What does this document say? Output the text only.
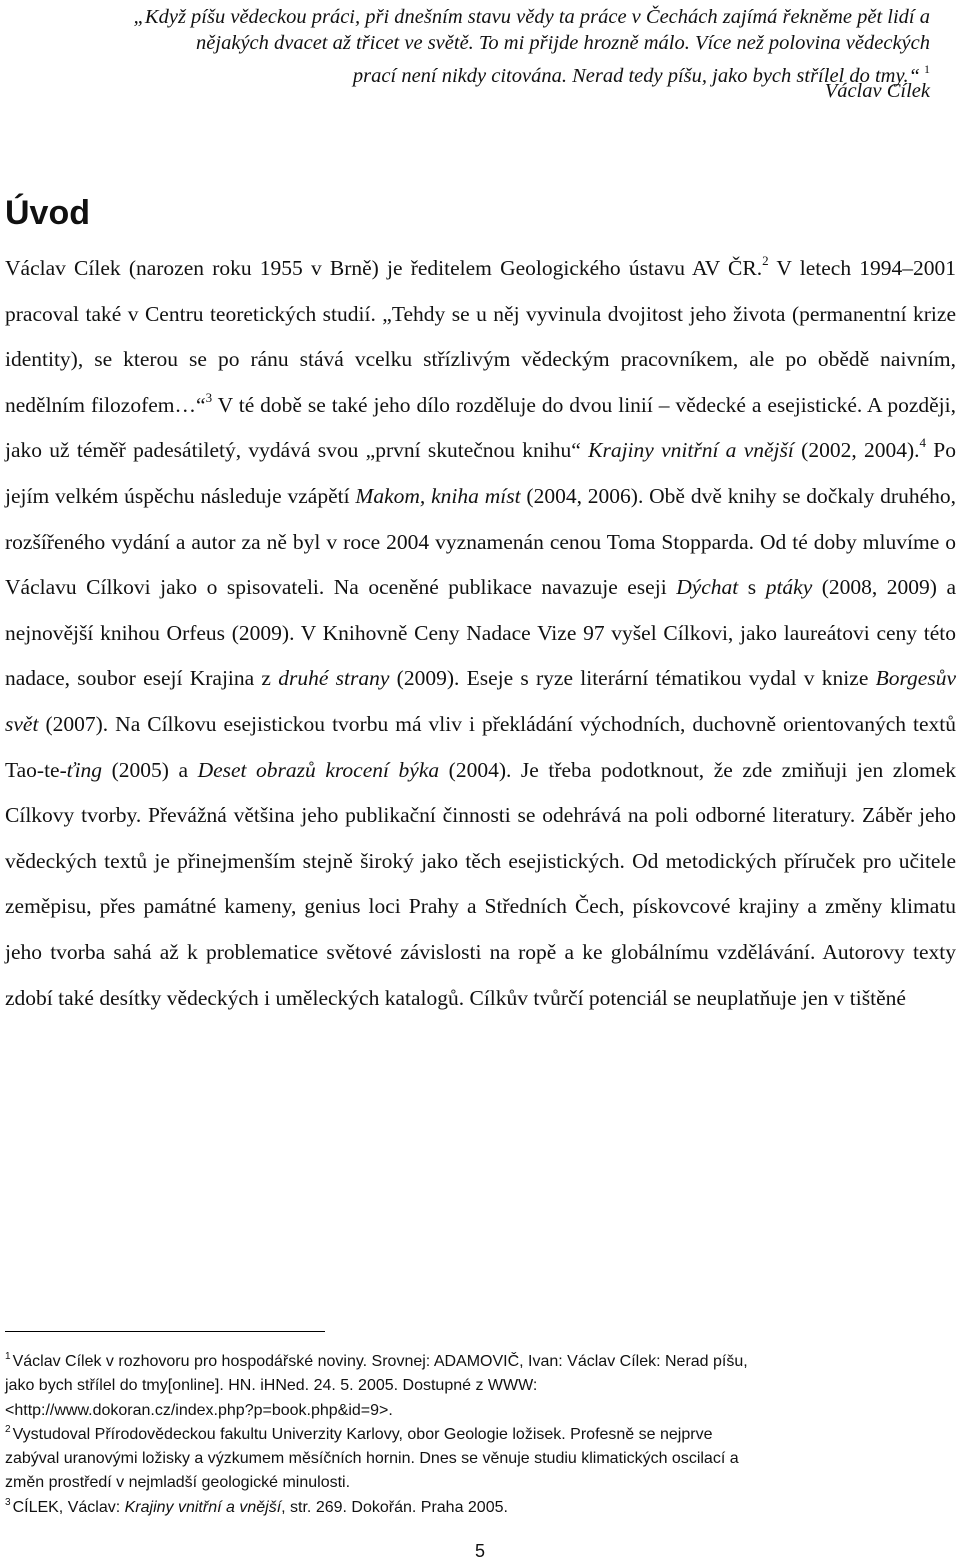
„Když píšu vědeckou práci, při dnešním stavu vědy ta práce v Čechách zajímá řekněme pět lidí a
nějakých dvacet až třicet ve světě. To mi přijde hrozně málo. Více než polovina vědeckých
prací není nikdy citována. Nerad tedy píšu, jako bych střílel do tmy.“ $^1$
Václav Cílek
Úvod

Václav Cílek (narozen roku 1955 v Brně) je ředitelem Geologického ústavu AV ČR.$^2$ V letech 1994–2001 pracoval také v Centru teoretických studií. „Tehdy se u něj vyvinula dvojitost jeho života (permanentní krize identity), se kterou se po ránu stává vcelku střízlivým vědeckým pracovníkem, ale po obědě naivním, nedělním filozofem…“$^3$ V té době se také jeho dílo rozděluje do dvou linií – vědecké a esejistické. A později, jako už téměř padesátiletý, vydává svou „první skutečnou knihu“ Krajiny vnitřní a vnější (2002, 2004).$^4$ Po jejím velkém úspěchu následuje vzápětí Makom, kniha míst (2004, 2006). Obě dvě knihy se dočkaly druhého, rozšířeného vydání a autor za ně byl v roce 2004 vyznamenán cenou Toma Stopparda. Od té doby mluvíme o Václavu Cílkovi jako o spisovateli. Na oceněné publikace navazuje eseji Dýchat s ptáky (2008, 2009) a nejnovější knihou Orfeus (2009). V Knihovně Ceny Nadace Vize 97 vyšel Cílkovi, jako laureátovi ceny této nadace, soubor esejí Krajina z druhé strany (2009). Eseje s ryze literární tématikou vydal v knize Borgesův svět (2007). Na Cílkovu esejistickou tvorbu má vliv i překládání východních, duchovně orientovaných textů Tao-te-ťing (2005) a Deset obrazů krocení býka (2004). Je třeba podotknout, že zde zmiňuji jen zlomek Cílkovy tvorby. Převážná většina jeho publikační činnosti se odehrává na poli odborné literatury. Záběr jeho vědeckých textů je přinejmenším stejně široký jako těch esejistických. Od metodických příruček pro učitele zeměpisu, přes památné kameny, genius loci Prahy a Středních Čech, pískovcové krajiny a změny klimatu jeho tvorba sahá až k problematice světové závislosti na ropě a ke globálnímu vzdělávání. Autorovy texty zdobí také desítky vědeckých i uměleckých katalogů. Cílkův tvůrčí potenciál se neuplatňuje jen v tištěné

$^1$ Václav Cílek v rozhovoru pro hospodářské noviny. Srovnej: ADAMOVIČ, Ivan: Václav Cílek: Nerad píšu,

jako bych střílel do tmy[online]. HN. iHNed. 24. 5. 2005. Dostupné z WWW:

<http://www.dokoran.cz/index.php?p=book.php&id=9>.

$^2$ Vystudoval Přírodovědeckou fakultu Univerzity Karlovy, obor Geologie ložisek. Profesně se nejprve

zabýval uranovými ložisky a výzkumem měsíčních hornin. Dnes se věnuje studiu klimatických oscilací a

změn prostředí v nejmladší geologické minulosti.

$^3$ CÍLEK, Václav: Krajiny vnitřní a vnější, str. 269. Dokořán. Praha 2005.

5
